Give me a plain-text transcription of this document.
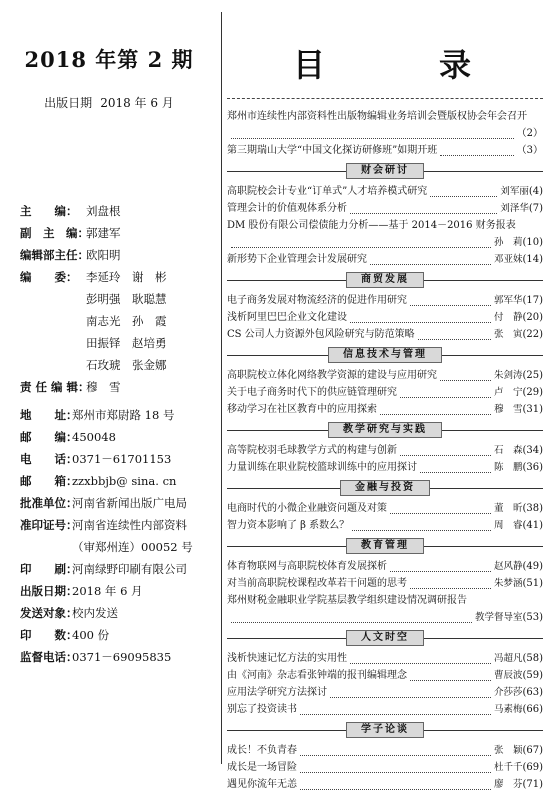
2018 年第 2 期
出版日期 2018 年 6 月
主　　编： 刘盘根
副　主　编：郭建军
编辑部主任：欧阳明
编　　委： 李延玲　谢　彬
彭明强　耿聪慧
南志光　孙　霞
田振铎　赵培勇
石玫琥　张金娜
责 任 编 辑：穆　雪
地　　址：郑州市郑尉路 18 号
邮　　编：450048
电　　话：0371－61701153
邮　　箱：zzxbbjb@ sina. cn
批准单位：河南省新闻出版广电局
准印证号：河南省连续性内部资料
（审郑州连）00052 号
印　　刷：河南绿野印刷有限公司
出版日期：2018 年 6 月
发送对象：校内发送
印　　数：400 份
监督电话：0371－69095835
目	录
郑州市连续性内部资料性出版物编辑业务培训会暨版权协会年会召开
（2）
第三期瑞山大学“中国文化探访研修班”如期开班	（3）
财会研讨
高职院校会计专业“订单式”人才培养模式研究	刘军丽 (4)
管理会计的价值观体系分析	刘泽华 (7)
DM 股份有限公司偿债能力分析——基于 2014－2016 财务报表
孙　莉 (10)
新形势下企业管理会计发展研究	邓亚妹 (14)
商贸发展
电子商务发展对物流经济的促进作用研究	郭军华 (17)
浅析阿里巴巴企业文化建设	付　静 (20)
CS 公司人力资源外包风险研究与防范策略	张　寅 (22)
信息技术与管理
高职院校立体化网络教学资源的建设与应用研究	朱剑涛 (25)
关于电子商务时代下的供应链管理研究	卢　宁 (29)
移动学习在社区教育中的应用探索	穆　雪 (31)
教学研究与实践
高等院校羽毛球教学方式的构建与创新	石　森 (34)
力量训练在职业院校篮球训练中的应用探讨	陈　鹏 (36)
金融与投资
电商时代的小微企业融资问题及对策	董　昕 (38)
智力资本影响了 β 系数么？	周　睿 (41)
教育管理
体育物联网与高职院校体育发展探析	赵风静 (49)
对当前高职院校课程改革若干问题的思考	朱梦涵 (51)
郑州财税金融职业学院基层教学组织建设情况调研报告
教学督导室 (53)
人文时空
浅析快速记忆方法的实用性	冯超凡 (58)
由《河南》杂志看张钟端的报刊编辑理念	曹辰波 (59)
应用法学研究方法探讨	介莎莎 (63)
别忘了投资读书	马素梅 (66)
学子论谈
成长！不负青春	张　颖 (67)
成长是一场冒险	杜千千 (69)
遇见你流年无恙	廖　芬 (71)
